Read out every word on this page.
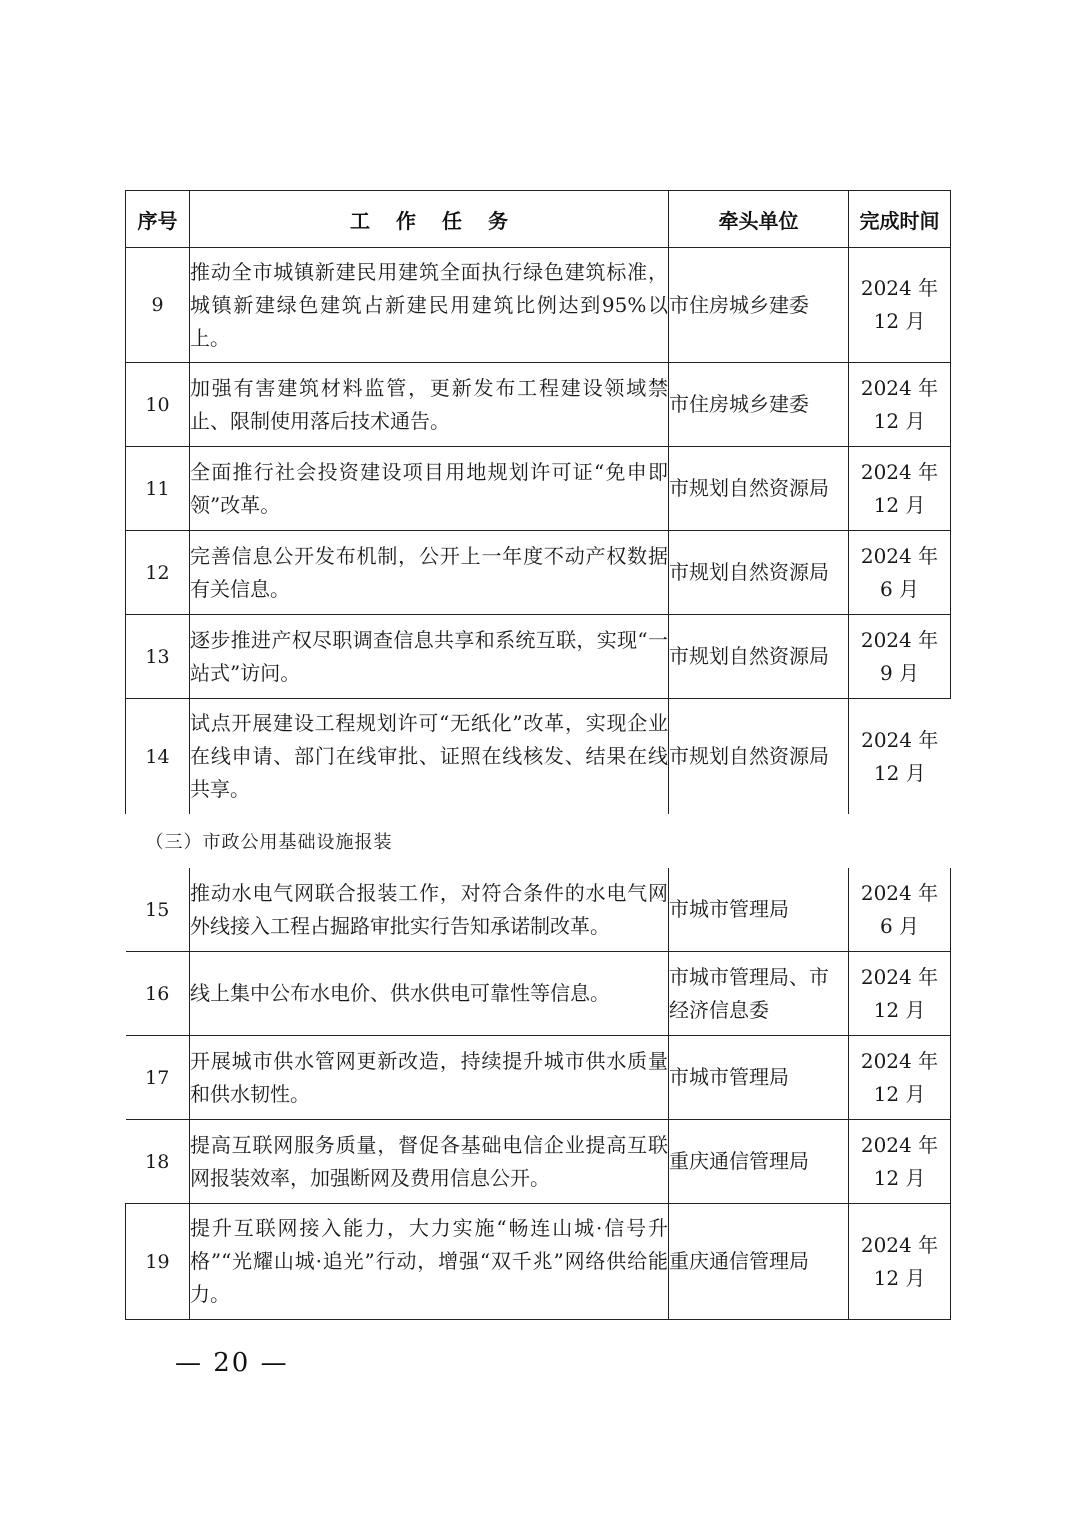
序号	工作任务	牵头单位	完成时间
9	推动全市城镇新建民用建筑全面执行绿色建筑标准，城镇新建绿色建筑占新建民用建筑比例达到95%以上。	市住房城乡建委	2024 年
12 月
10	加强有害建筑材料监管，更新发布工程建设领域禁止、限制使用落后技术通告。	市住房城乡建委	2024 年
12 月
11	全面推行社会投资建设项目用地规划许可证“免申即领”改革。	市规划自然资源局	2024 年
12 月
12	完善信息公开发布机制，公开上一年度不动产权数据有关信息。	市规划自然资源局	2024 年
6 月
13	逐步推进产权尽职调查信息共享和系统互联，实现“一站式”访问。	市规划自然资源局	2024 年
9 月
14	试点开展建设工程规划许可“无纸化”改革，实现企业在线申请、部门在线审批、证照在线核发、结果在线共享。	市规划自然资源局	2024 年
12 月
（三）市政公用基础设施报装			
15	推动水电气网联合报装工作，对符合条件的水电气网外线接入工程占掘路审批实行告知承诺制改革。	市城市管理局	2024 年
6 月
16	线上集中公布水电价、供水供电可靠性等信息。	市城市管理局、市经济信息委	2024 年
12 月
17	开展城市供水管网更新改造，持续提升城市供水质量和供水韧性。	市城市管理局	2024 年
12 月
18	提高互联网服务质量，督促各基础电信企业提高互联网报装效率，加强断网及费用信息公开。	重庆通信管理局	2024 年
12 月
19	提升互联网接入能力，大力实施“畅连山城·信号升格”“光耀山城·追光”行动，增强“双千兆”网络供给能力。	重庆通信管理局	2024 年
12 月
— 20 —
